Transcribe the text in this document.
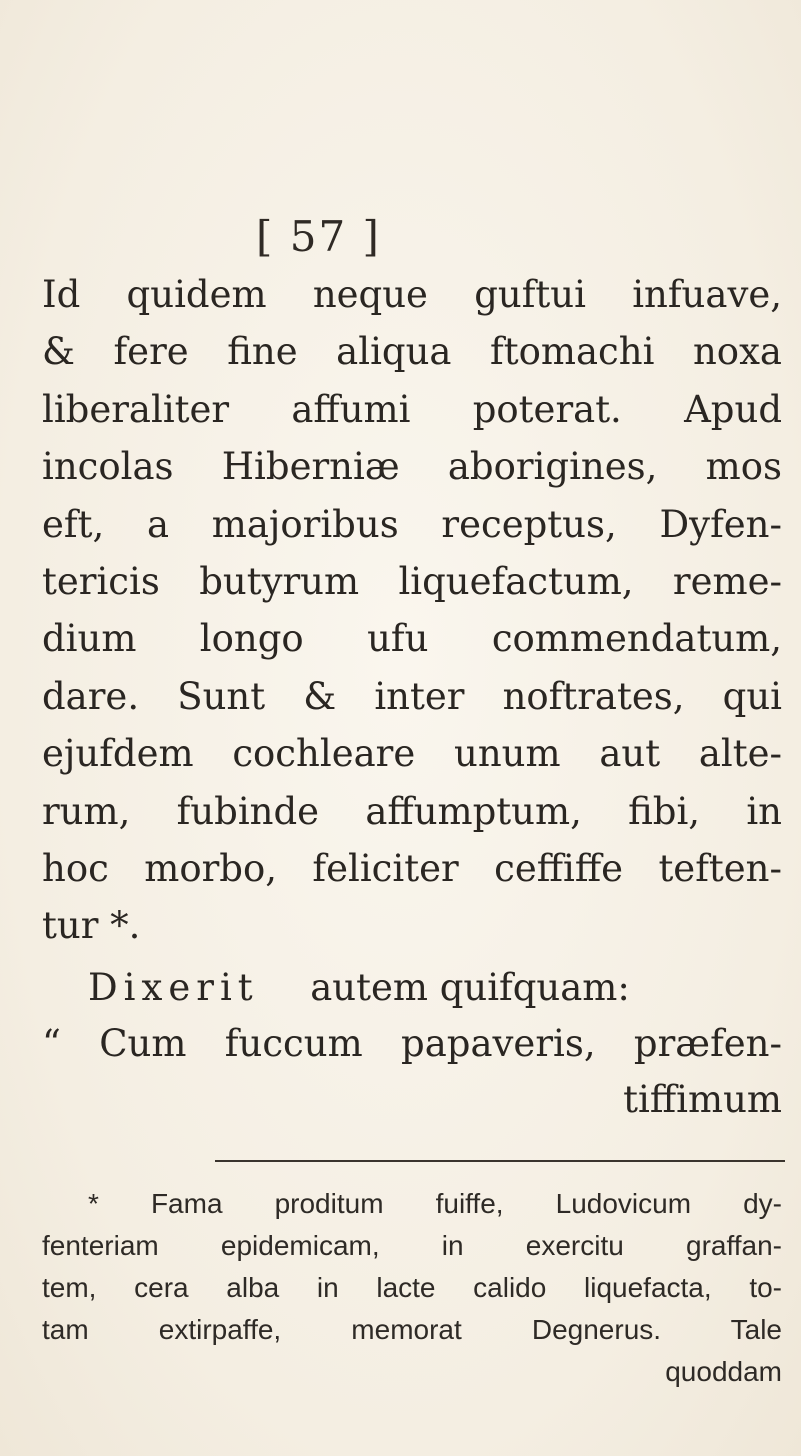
[ 57 ]
Id quidem neque guftui infuave,
& fere fine aliqua ftomachi noxa
liberaliter affumi poterat. Apud
incolas Hiberniæ aborigines, mos
eft, a majoribus receptus, Dyfen-
tericis butyrum liquefactum, reme-
dium longo ufu commendatum,
dare. Sunt & inter noftrates, qui
ejufdem cochleare unum aut alte-
rum, fubinde affumptum, fibi, in
hoc morbo, feliciter ceffiffe teften-
tur *.
Dixerit autem quifquam:
“ Cum fuccum papaveris, præfen-
tiffimum
* Fama proditum fuiffe, Ludovicum dy-
fenteriam epidemicam, in exercitu graffan-
tem, cera alba in lacte calido liquefacta, to-
tam extirpaffe, memorat Degnerus. Tale
quoddam
